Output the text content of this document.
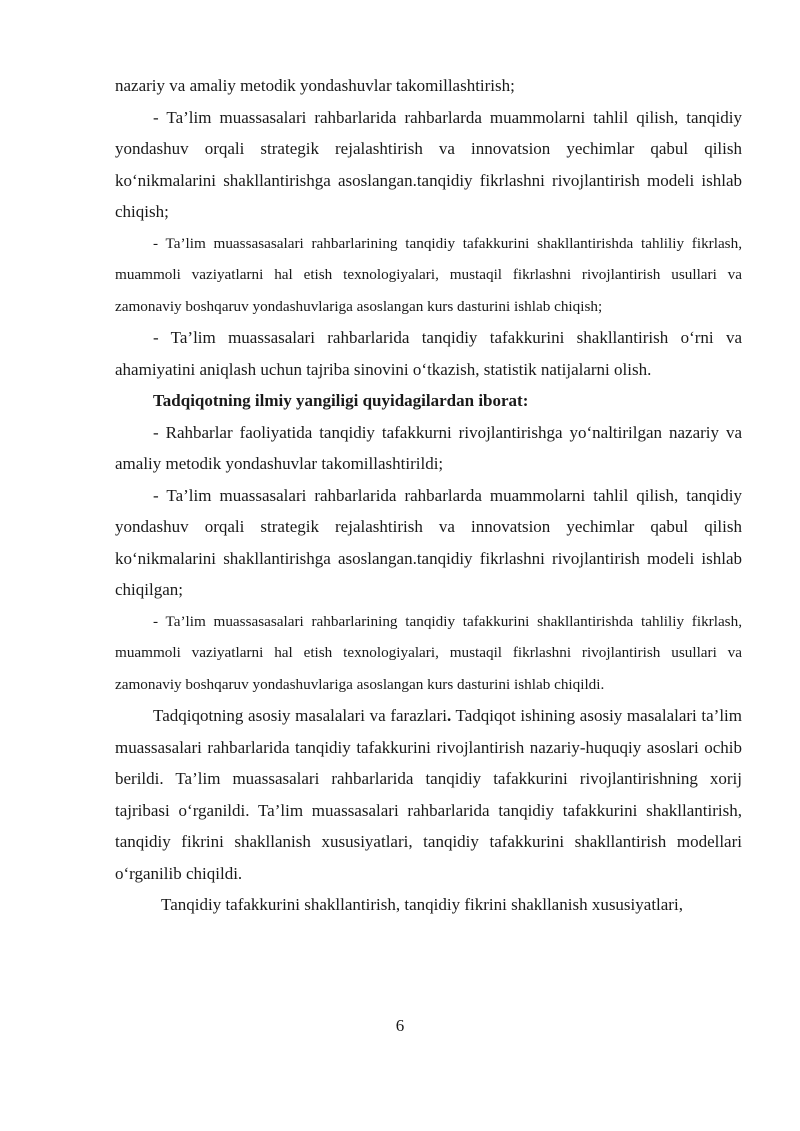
nazariy va amaliy metodik yondashuvlar takomillashtirish;

- Ta’lim muassasalari rahbarlarida rahbarlarda muammolarni tahlil qilish, tanqidiy yondashuv orqali strategik rejalashtirish va innovatsion yechimlar qabul qilish ko‘nikmalarini shakllantirishga asoslangan.tanqidiy fikrlashni rivojlantirish modeli ishlab chiqish;

- Ta’lim muassasasalari rahbarlarining tanqidiy tafakkurini shakllantirishda tahliliy fikrlash, muammoli vaziyatlarni hal etish texnologiyalari, mustaqil fikrlashni rivojlantirish usullari va zamonaviy boshqaruv yondashuvlariga asoslangan kurs dasturini ishlab chiqish;

- Ta’lim muassasalari rahbarlarida tanqidiy tafakkurini shakllantirish o‘rni va ahamiyatini aniqlash uchun tajriba sinovini o‘tkazish, statistik natijalarni olish.

Tadqiqotning ilmiy yangiligi quyidagilardan iborat:

- Rahbarlar faoliyatida tanqidiy tafakkurni rivojlantirishga yo‘naltirilgan nazariy va amaliy metodik yondashuvlar takomillashtirildi;

- Ta’lim muassasalari rahbarlarida rahbarlarda muammolarni tahlil qilish, tanqidiy yondashuv orqali strategik rejalashtirish va innovatsion yechimlar qabul qilish ko‘nikmalarini shakllantirishga asoslangan.tanqidiy fikrlashni rivojlantirish modeli ishlab chiqilgan;

- Ta’lim muassasasalari rahbarlarining tanqidiy tafakkurini shakllantirishda tahliliy fikrlash, muammoli vaziyatlarni hal etish texnologiyalari, mustaqil fikrlashni rivojlantirish usullari va zamonaviy boshqaruv yondashuvlariga asoslangan kurs dasturini ishlab chiqildi.

Tadqiqotning asosiy masalalari va farazlari. Tadqiqot ishining asosiy masalalari ta’lim muassasalari rahbarlarida tanqidiy tafakkurini rivojlantirish nazariy-huquqiy asoslari ochib berildi. Ta’lim muassasalari rahbarlarida tanqidiy tafakkurini rivojlantirishning xorij tajribasi o‘rganildi. Ta’lim muassasalari rahbarlarida tanqidiy tafakkurini shakllantirish, tanqidiy fikrini shakllanish xususiyatlari, tanqidiy tafakkurini shakllantirish modellari o‘rganilib chiqildi.

Tanqidiy tafakkurini shakllantirish, tanqidiy fikrini shakllanish xususiyatlari,

6
